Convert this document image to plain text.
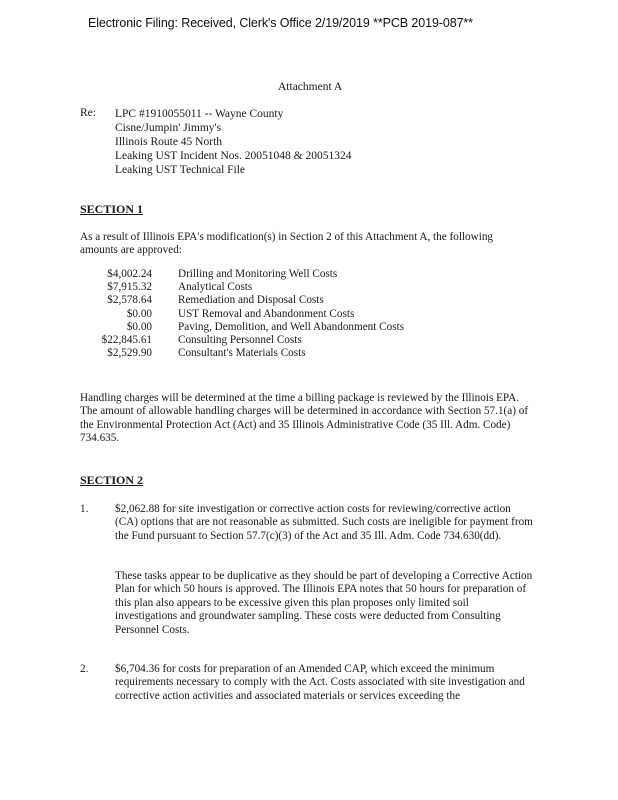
Electronic Filing: Received, Clerk's Office 2/19/2019 **PCB 2019-087**
Attachment A
Re: LPC #1910055011 -- Wayne County
Cisne/Jumpin' Jimmy's
Illinois Route 45 North
Leaking UST Incident Nos. 20051048 & 20051324
Leaking UST Technical File
SECTION 1
As a result of Illinois EPA's modification(s) in Section 2 of this Attachment A, the following amounts are approved:
$4,002.24	Drilling and Monitoring Well Costs
$7,915.32	Analytical Costs
$2,578.64	Remediation and Disposal Costs
$0.00	UST Removal and Abandonment Costs
$0.00	Paving, Demolition, and Well Abandonment Costs
$22,845.61	Consulting Personnel Costs
$2,529.90	Consultant's Materials Costs
Handling charges will be determined at the time a billing package is reviewed by the Illinois EPA. The amount of allowable handling charges will be determined in accordance with Section 57.1(a) of the Environmental Protection Act (Act) and 35 Illinois Administrative Code (35 Ill. Adm. Code) 734.635.
SECTION 2
1. $2,062.88 for site investigation or corrective action costs for reviewing/corrective action (CA) options that are not reasonable as submitted. Such costs are ineligible for payment from the Fund pursuant to Section 57.7(c)(3) of the Act and 35 Ill. Adm. Code 734.630(dd).
These tasks appear to be duplicative as they should be part of developing a Corrective Action Plan for which 50 hours is approved. The Illinois EPA notes that 50 hours for preparation of this plan also appears to be excessive given this plan proposes only limited soil investigations and groundwater sampling. These costs were deducted from Consulting Personnel Costs.
2. $6,704.36 for costs for preparation of an Amended CAP, which exceed the minimum requirements necessary to comply with the Act. Costs associated with site investigation and corrective action activities and associated materials or services exceeding the
